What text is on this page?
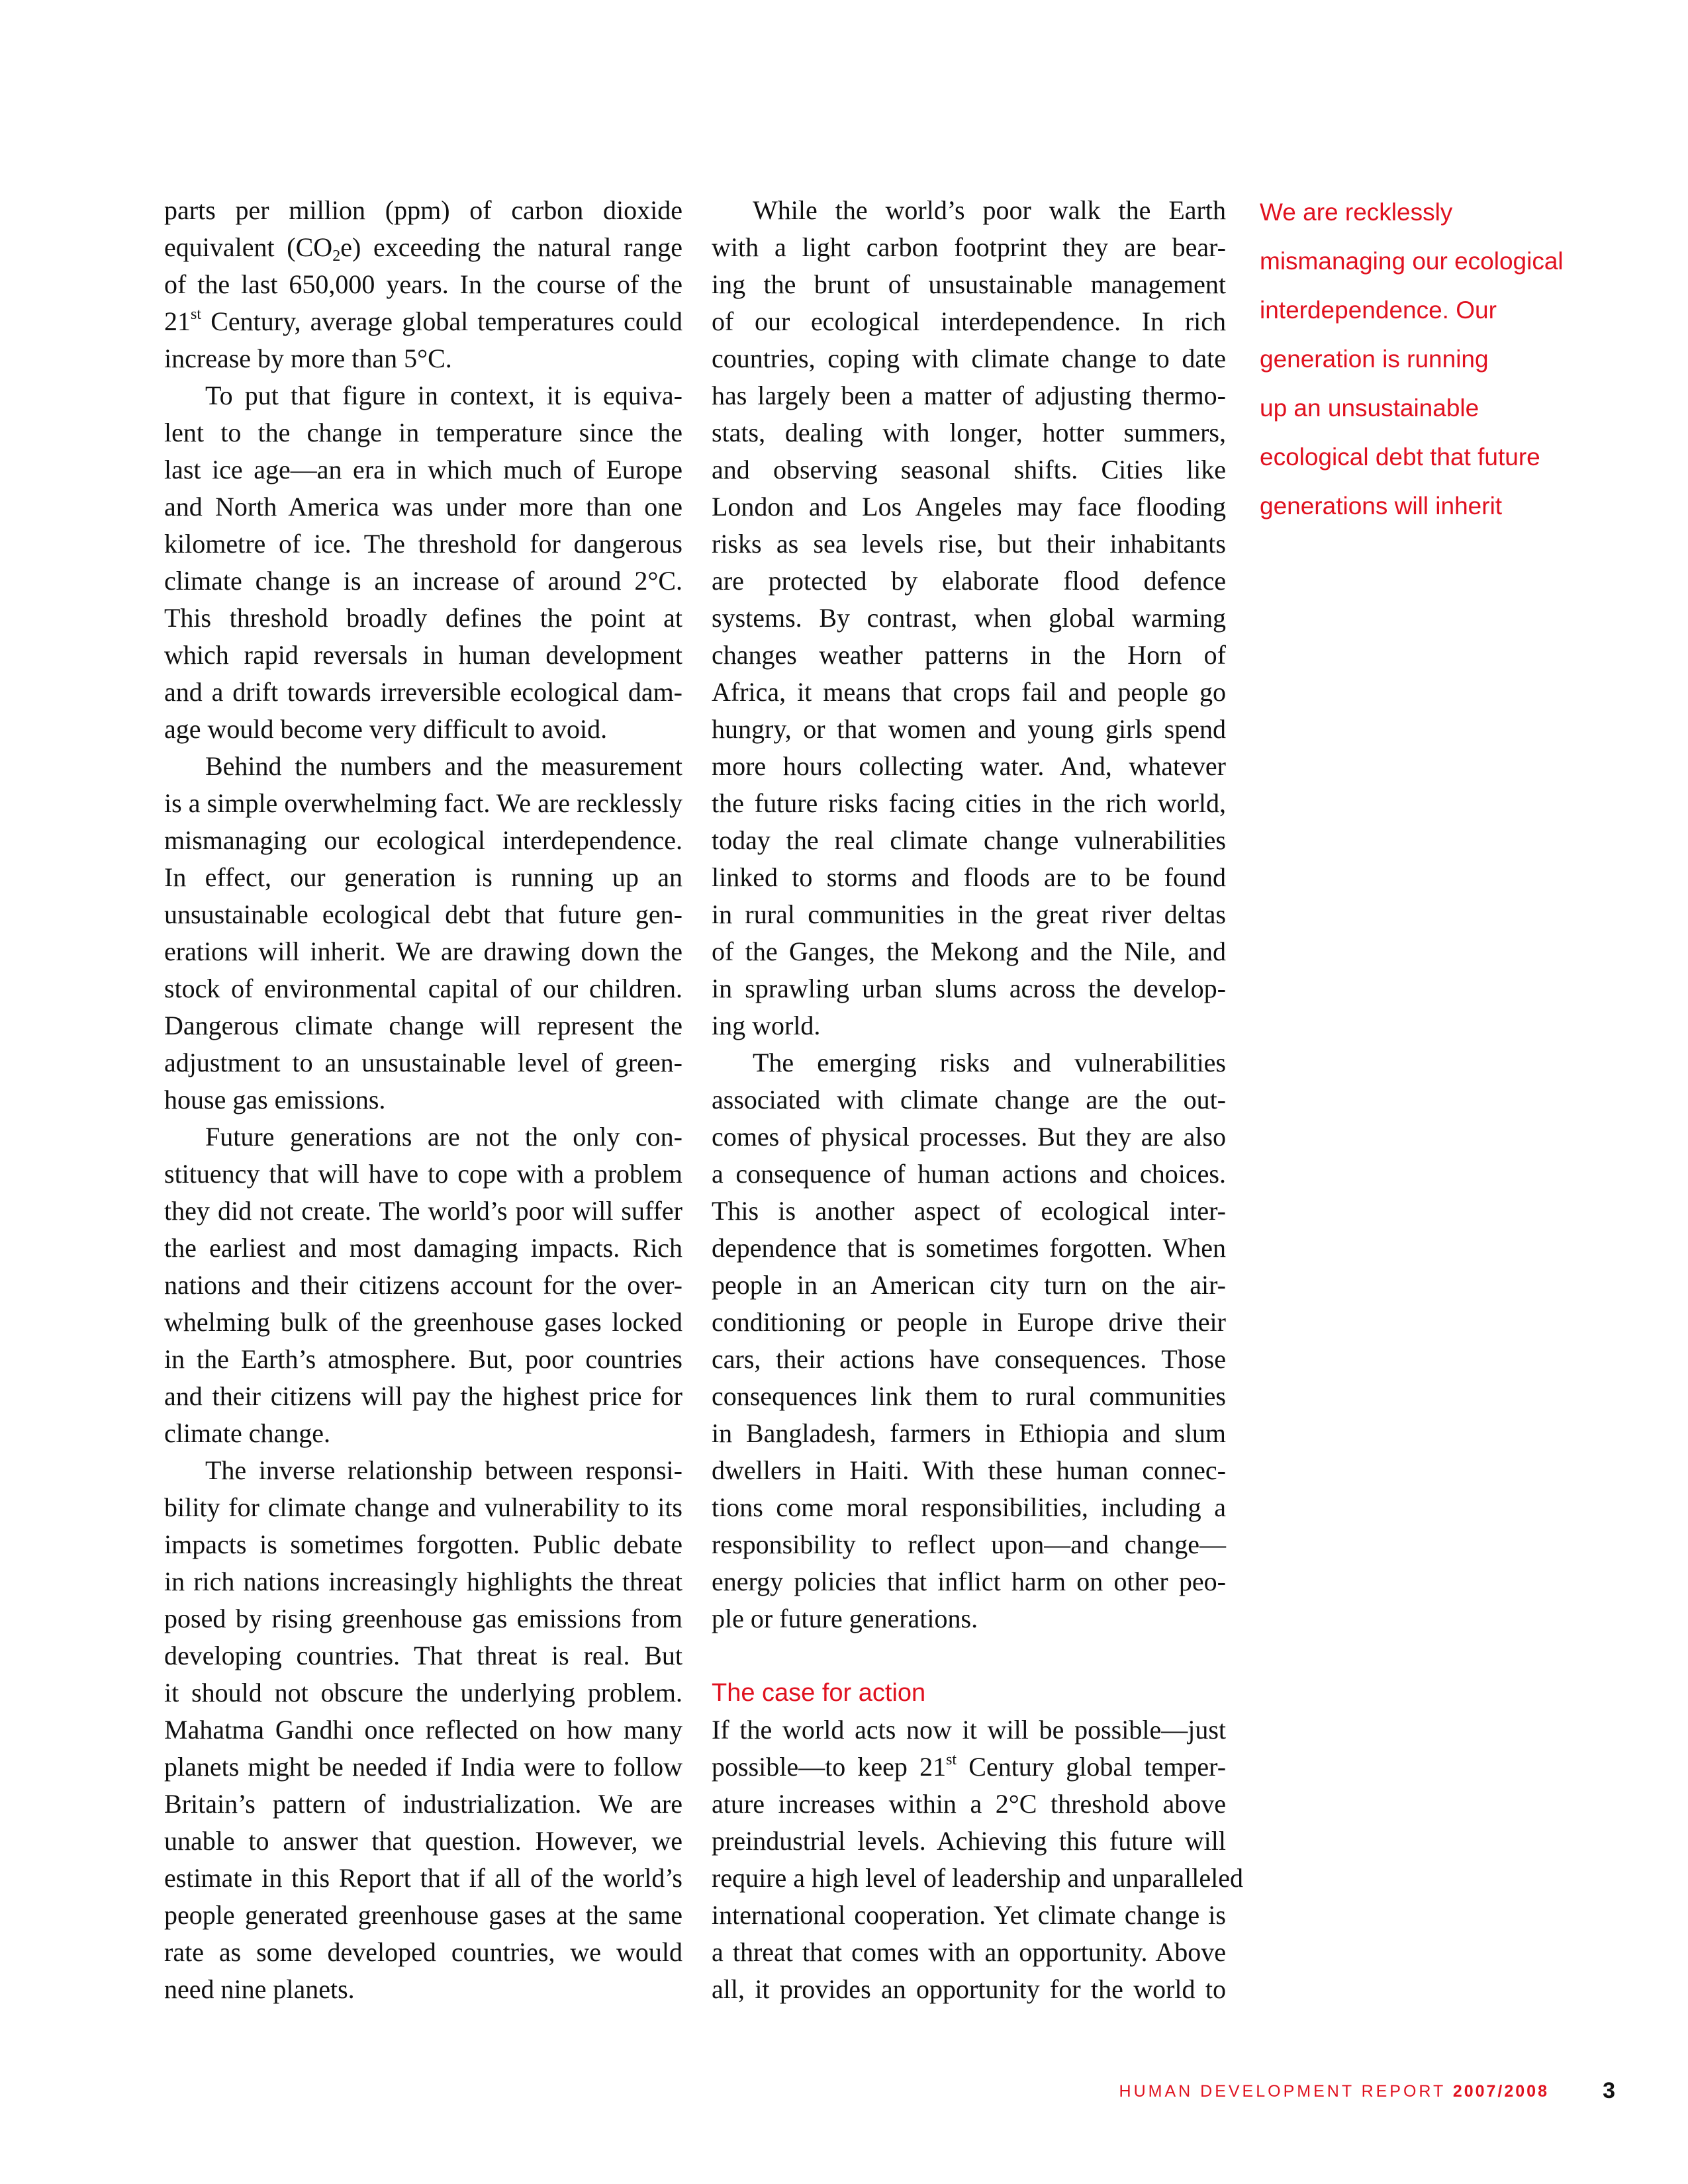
parts per million (ppm) of carbon dioxide
equivalent $(CO_2e)$ exceeding the natural range
of the last 650,000 years. In the course of the
21st Century, average global temperatures could
increase by more than 5°C.
To put that figure in context, it is equiva-
lent to the change in temperature since the
last ice age—an era in which much of Europe
and North America was under more than one
kilometre of ice. The threshold for dangerous
climate change is an increase of around 2°C.
This threshold broadly defines the point at
which rapid reversals in human development
and a drift towards irreversible ecological dam-
age would become very difficult to avoid.
Behind the numbers and the measurement
is a simple overwhelming fact. We are recklessly
mismanaging our ecological interdependence.
In effect, our generation is running up an
unsustainable ecological debt that future gen-
erations will inherit. We are drawing down the
stock of environmental capital of our children.
Dangerous climate change will represent the
adjustment to an unsustainable level of green-
house gas emissions.
Future generations are not the only con-
stituency that will have to cope with a problem
they did not create. The world’s poor will suffer
the earliest and most damaging impacts. Rich
nations and their citizens account for the over-
whelming bulk of the greenhouse gases locked
in the Earth’s atmosphere. But, poor countries
and their citizens will pay the highest price for
climate change.
The inverse relationship between responsi-
bility for climate change and vulnerability to its
impacts is sometimes forgotten. Public debate
in rich nations increasingly highlights the threat
posed by rising greenhouse gas emissions from
developing countries. That threat is real. But
it should not obscure the underlying problem.
Mahatma Gandhi once reflected on how many
planets might be needed if India were to follow
Britain’s pattern of industrialization. We are
unable to answer that question. However, we
estimate in this Report that if all of the world’s
people generated greenhouse gases at the same
rate as some developed countries, we would
need nine planets.
While the world’s poor walk the Earth
with a light carbon footprint they are bear-
ing the brunt of unsustainable management
of our ecological interdependence. In rich
countries, coping with climate change to date
has largely been a matter of adjusting thermo-
stats, dealing with longer, hotter summers,
and observing seasonal shifts. Cities like
London and Los Angeles may face flooding
risks as sea levels rise, but their inhabitants
are protected by elaborate flood defence
systems. By contrast, when global warming
changes weather patterns in the Horn of
Africa, it means that crops fail and people go
hungry, or that women and young girls spend
more hours collecting water. And, whatever
the future risks facing cities in the rich world,
today the real climate change vulnerabilities
linked to storms and floods are to be found
in rural communities in the great river deltas
of the Ganges, the Mekong and the Nile, and
in sprawling urban slums across the develop-
ing world.
The emerging risks and vulnerabilities
associated with climate change are the out-
comes of physical processes. But they are also
a consequence of human actions and choices.
This is another aspect of ecological inter-
dependence that is sometimes forgotten. When
people in an American city turn on the air-
conditioning or people in Europe drive their
cars, their actions have consequences. Those
consequences link them to rural communities
in Bangladesh, farmers in Ethiopia and slum
dwellers in Haiti. With these human connec-
tions come moral responsibilities, including a
responsibility to reflect upon—and change—
energy policies that inflict harm on other peo-
ple or future generations.
The case for action
If the world acts now it will be possible—just
possible—to keep 21st Century global temper-
ature increases within a 2°C threshold above
preindustrial levels. Achieving this future will
require a high level of leadership and unparalleled
international cooperation. Yet climate change is
a threat that comes with an opportunity. Above
all, it provides an opportunity for the world to
We are recklessly
mismanaging our ecological
interdependence. Our
generation is running
up an unsustainable
ecological debt that future
generations will inherit
HUMAN DEVELOPMENT REPORT 2007/2008 3
